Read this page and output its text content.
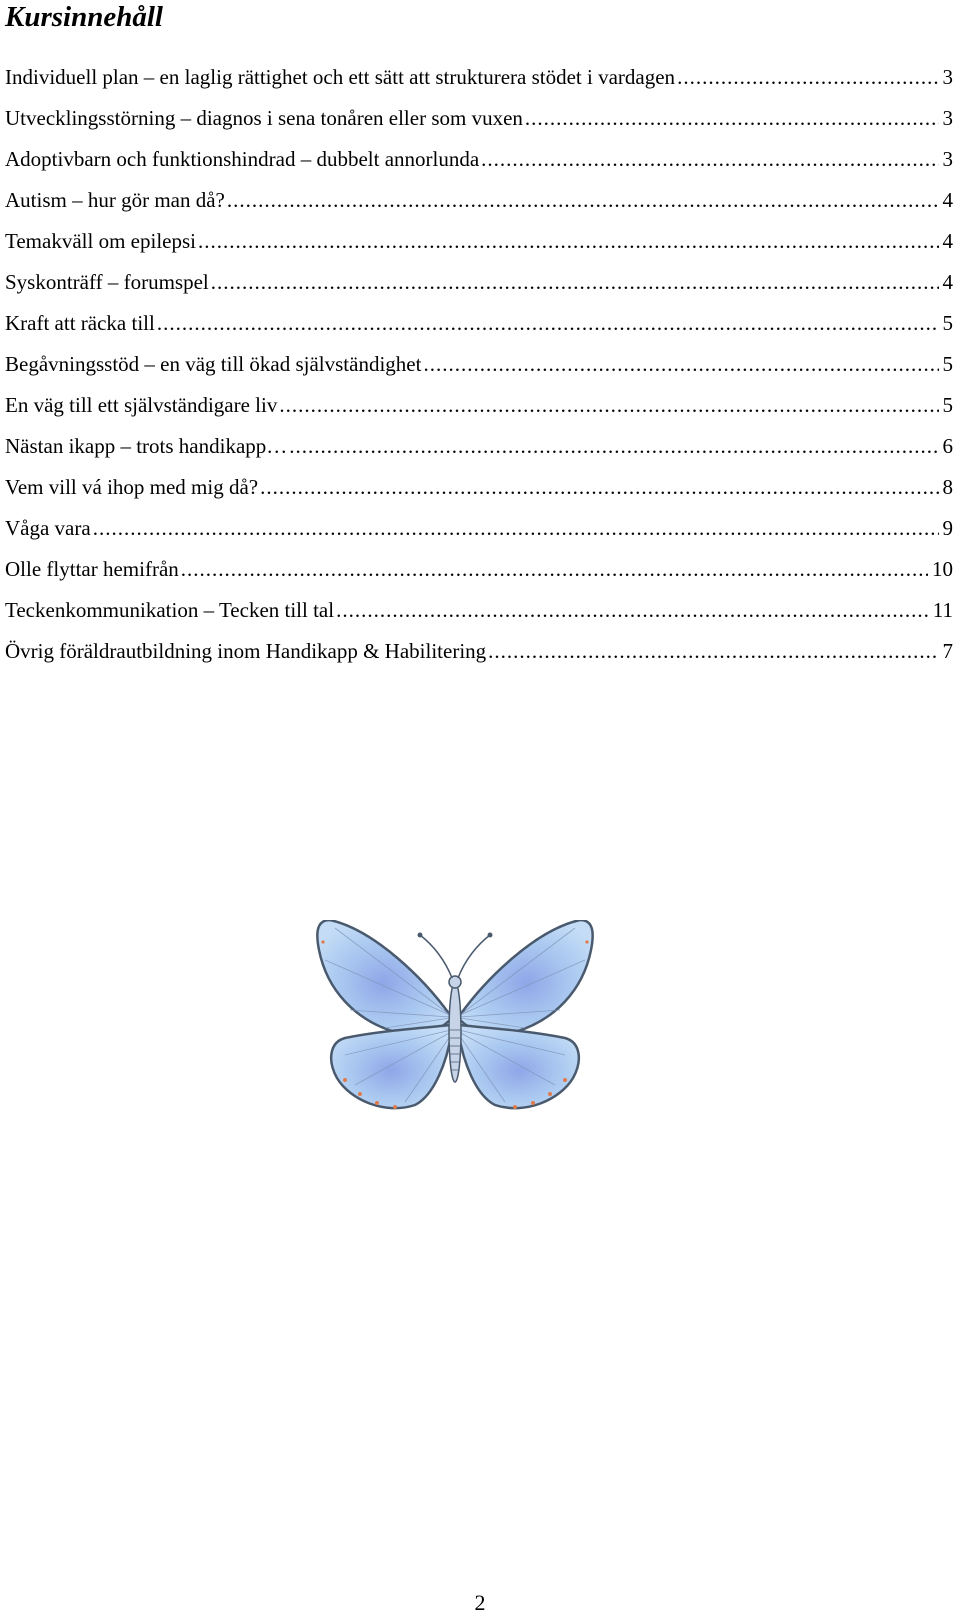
Kursinnehåll
Individuell plan – en laglig rättighet och ett sätt att strukturera stödet i vardagen .....	3
Utvecklingsstörning – diagnos i sena tonåren eller som vuxen .....	3
Adoptivbarn och funktionshindrad – dubbelt annorlunda .....	3
Autism – hur gör man då? .....	4
Temakväll om epilepsi .....	4
Syskonträff – forumspel .....	4
Kraft att räcka till .....	5
Begåvningsstöd – en väg till ökad självständighet .....	5
En väg till ett självständigare liv .....	5
Nästan ikapp – trots handikapp… .....	6
Vem vill vá ihop med mig då? .....	8
Våga vara .....	9
Olle flyttar hemifrån .....	10
Teckenkommunikation – Tecken till tal .....	11
Övrig föräldrautbildning inom Handikapp & Habilitering .....	7
2
